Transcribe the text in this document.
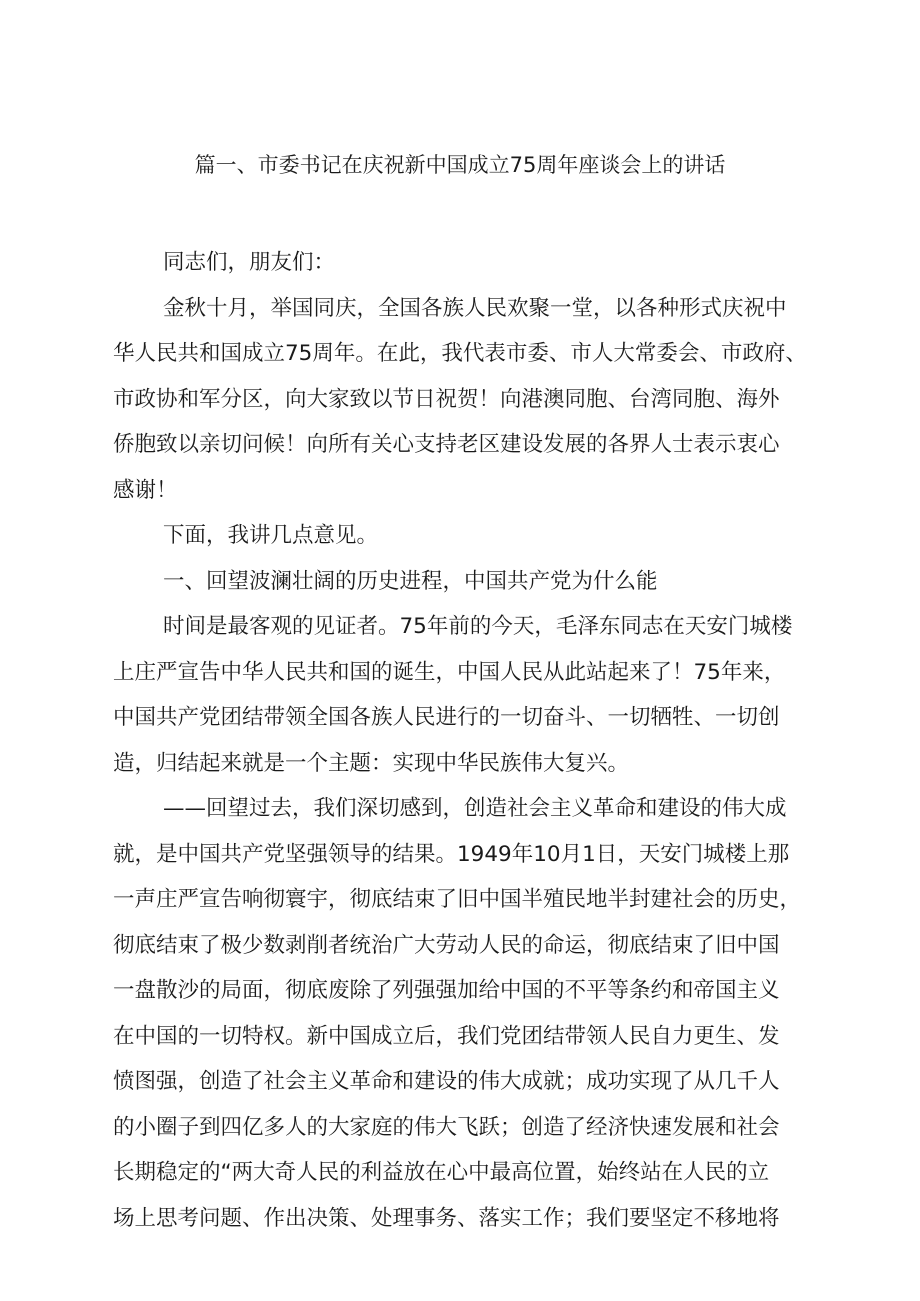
篇一、市委书记在庆祝新中国成立75周年座谈会上的讲话
同志们，朋友们：
金秋十月，举国同庆，全国各族人民欢聚一堂，以各种形式庆祝中
华人民共和国成立75周年。在此，我代表市委、市人大常委会、市政府、
市政协和军分区，向大家致以节日祝贺！向港澳同胞、台湾同胞、海外
侨胞致以亲切问候！向所有关心支持老区建设发展的各界人士表示衷心
感谢！
下面，我讲几点意见。
一、回望波澜壮阔的历史进程，中国共产党为什么能
时间是最客观的见证者。75年前的今天，毛泽东同志在天安门城楼
上庄严宣告中华人民共和国的诞生，中国人民从此站起来了！75年来，
中国共产党团结带领全国各族人民进行的一切奋斗、一切牺牲、一切创
造，归结起来就是一个主题：实现中华民族伟大复兴。
——回望过去，我们深切感到，创造社会主义革命和建设的伟大成
就，是中国共产党坚强领导的结果。1949年10月1日，天安门城楼上那
一声庄严宣告响彻寰宇，彻底结束了旧中国半殖民地半封建社会的历史，
彻底结束了极少数剥削者统治广大劳动人民的命运，彻底结束了旧中国
一盘散沙的局面，彻底废除了列强强加给中国的不平等条约和帝国主义
在中国的一切特权。新中国成立后，我们党团结带领人民自力更生、发
愤图强，创造了社会主义革命和建设的伟大成就；成功实现了从几千人
的小圈子到四亿多人的大家庭的伟大飞跃；创造了经济快速发展和社会
长期稳定的“两大奇人民的利益放在心中最高位置，始终站在人民的立
场上思考问题、作出决策、处理事务、落实工作；我们要坚定不移地将
